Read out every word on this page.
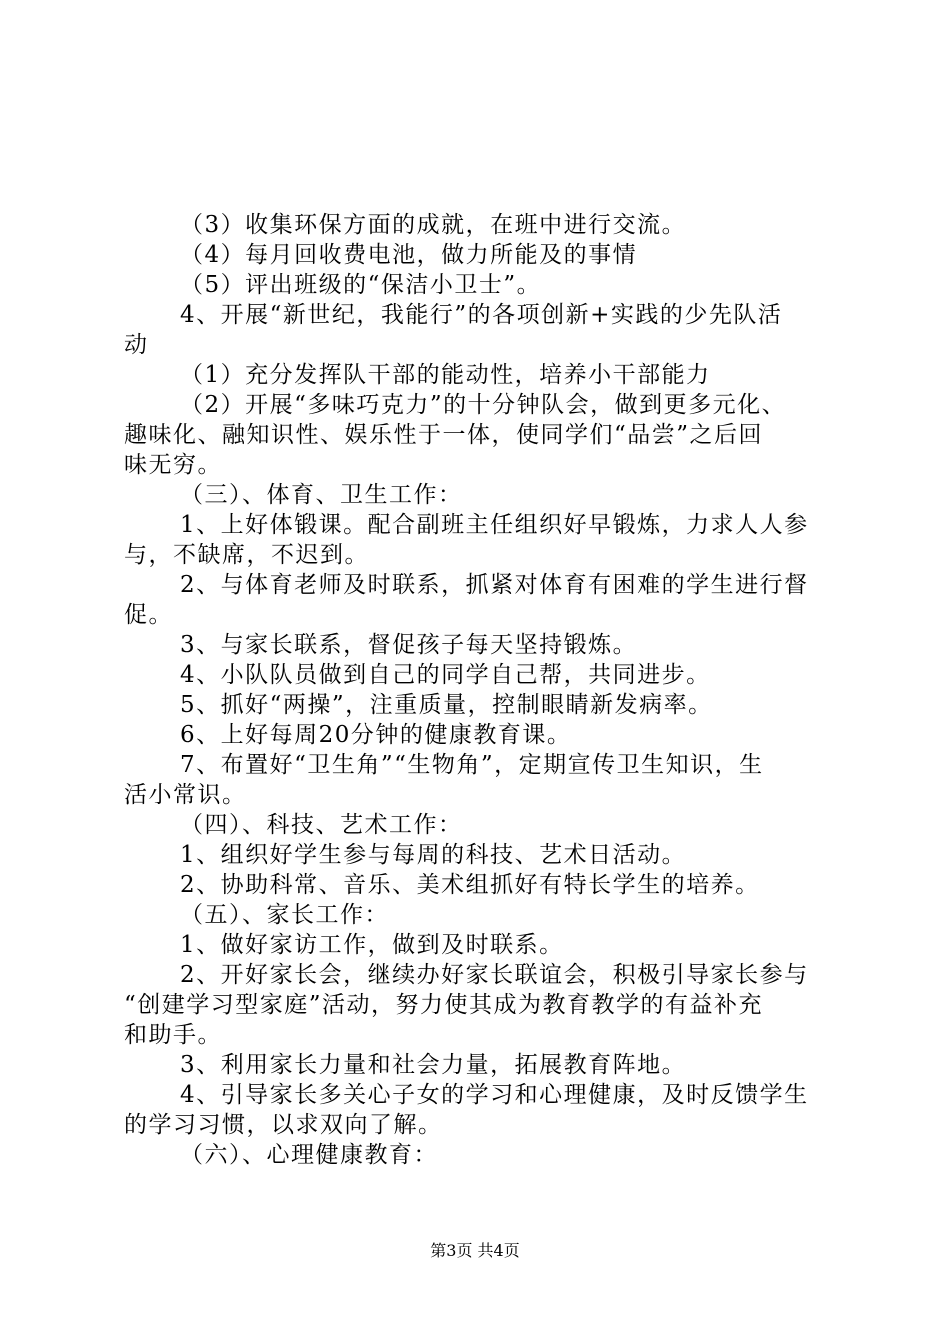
（3）收集环保方面的成就，在班中进行交流。
（4）每月回收费电池，做力所能及的事情
（5）评出班级的“保洁小卫士”。
4、开展“新世纪，我能行”的各项创新+实践的少先队活
动
（1）充分发挥队干部的能动性，培养小干部能力
（2）开展“多味巧克力”的十分钟队会，做到更多元化、
趣味化、融知识性、娱乐性于一体，使同学们“品尝”之后回
味无穷。
（三）、体育、卫生工作：
1、上好体锻课。配合副班主任组织好早锻炼，力求人人参
与，不缺席，不迟到。
2、与体育老师及时联系，抓紧对体育有困难的学生进行督
促。
3、与家长联系，督促孩子每天坚持锻炼。
4、小队队员做到自己的同学自己帮，共同进步。
5、抓好“两操”，注重质量，控制眼睛新发病率。
6、上好每周20分钟的健康教育课。
7、布置好“卫生角”“生物角”，定期宣传卫生知识，生
活小常识。
（四）、科技、艺术工作：
1、组织好学生参与每周的科技、艺术日活动。
2、协助科常、音乐、美术组抓好有特长学生的培养。
（五）、家长工作：
1、做好家访工作，做到及时联系。
2、开好家长会，继续办好家长联谊会，积极引导家长参与
“创建学习型家庭”活动，努力使其成为教育教学的有益补充
和助手。
3、利用家长力量和社会力量，拓展教育阵地。
4、引导家长多关心子女的学习和心理健康，及时反馈学生
的学习习惯，以求双向了解。
（六）、心理健康教育：
第3页 共4页
